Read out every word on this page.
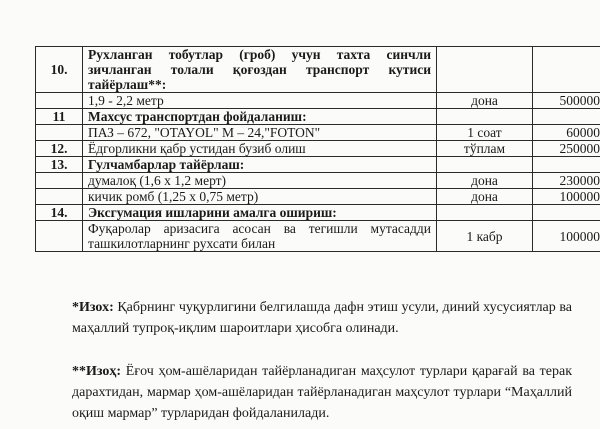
10.	Рухланган тобутлар (гроб) учун тахта синчли
зичланган толали қоғоздан транспорт кутиси
тайёрлаш**:		

	1,9 - 2,2 метр	дона	500000
11	Махсус транспортдан фойдаланиш:		
	ПАЗ – 672, "OTAYOL" M – 24,"FOTON"	1 соат	60000
12.	Ёдгорликни қабр устидан бузиб олиш	тўплам	250000
13.	Гулчамбарлар тайёрлаш:		
	думалоқ (1,6 х 1,2 мерт)	дона	230000
	кичик ромб (1,25 х 0,75 метр)	дона	100000
14.	Эксгумация ишларини амалга ошириш:		

	Фуқаролар аризасига асосан ва тегишли мутасадди
ташкилотларнинг рухсати билан	1 кабр	100000

*Изох: Қабрнинг чуқурлигини белгилашда дафн этиш усули, диний хусусиятлар ва маҳаллий тупроқ-иқлим шароитлари ҳисобга олинади.

**Изоҳ: Ёғоч ҳом-ашёларидан тайёрланадиган маҳсулот турлари қарағай ва терак дарахтидан, мармар ҳом-ашёларидан тайёрланадиган маҳсулот турлари “Маҳаллий оқиш мармар” турларидан фойдаланилади.
